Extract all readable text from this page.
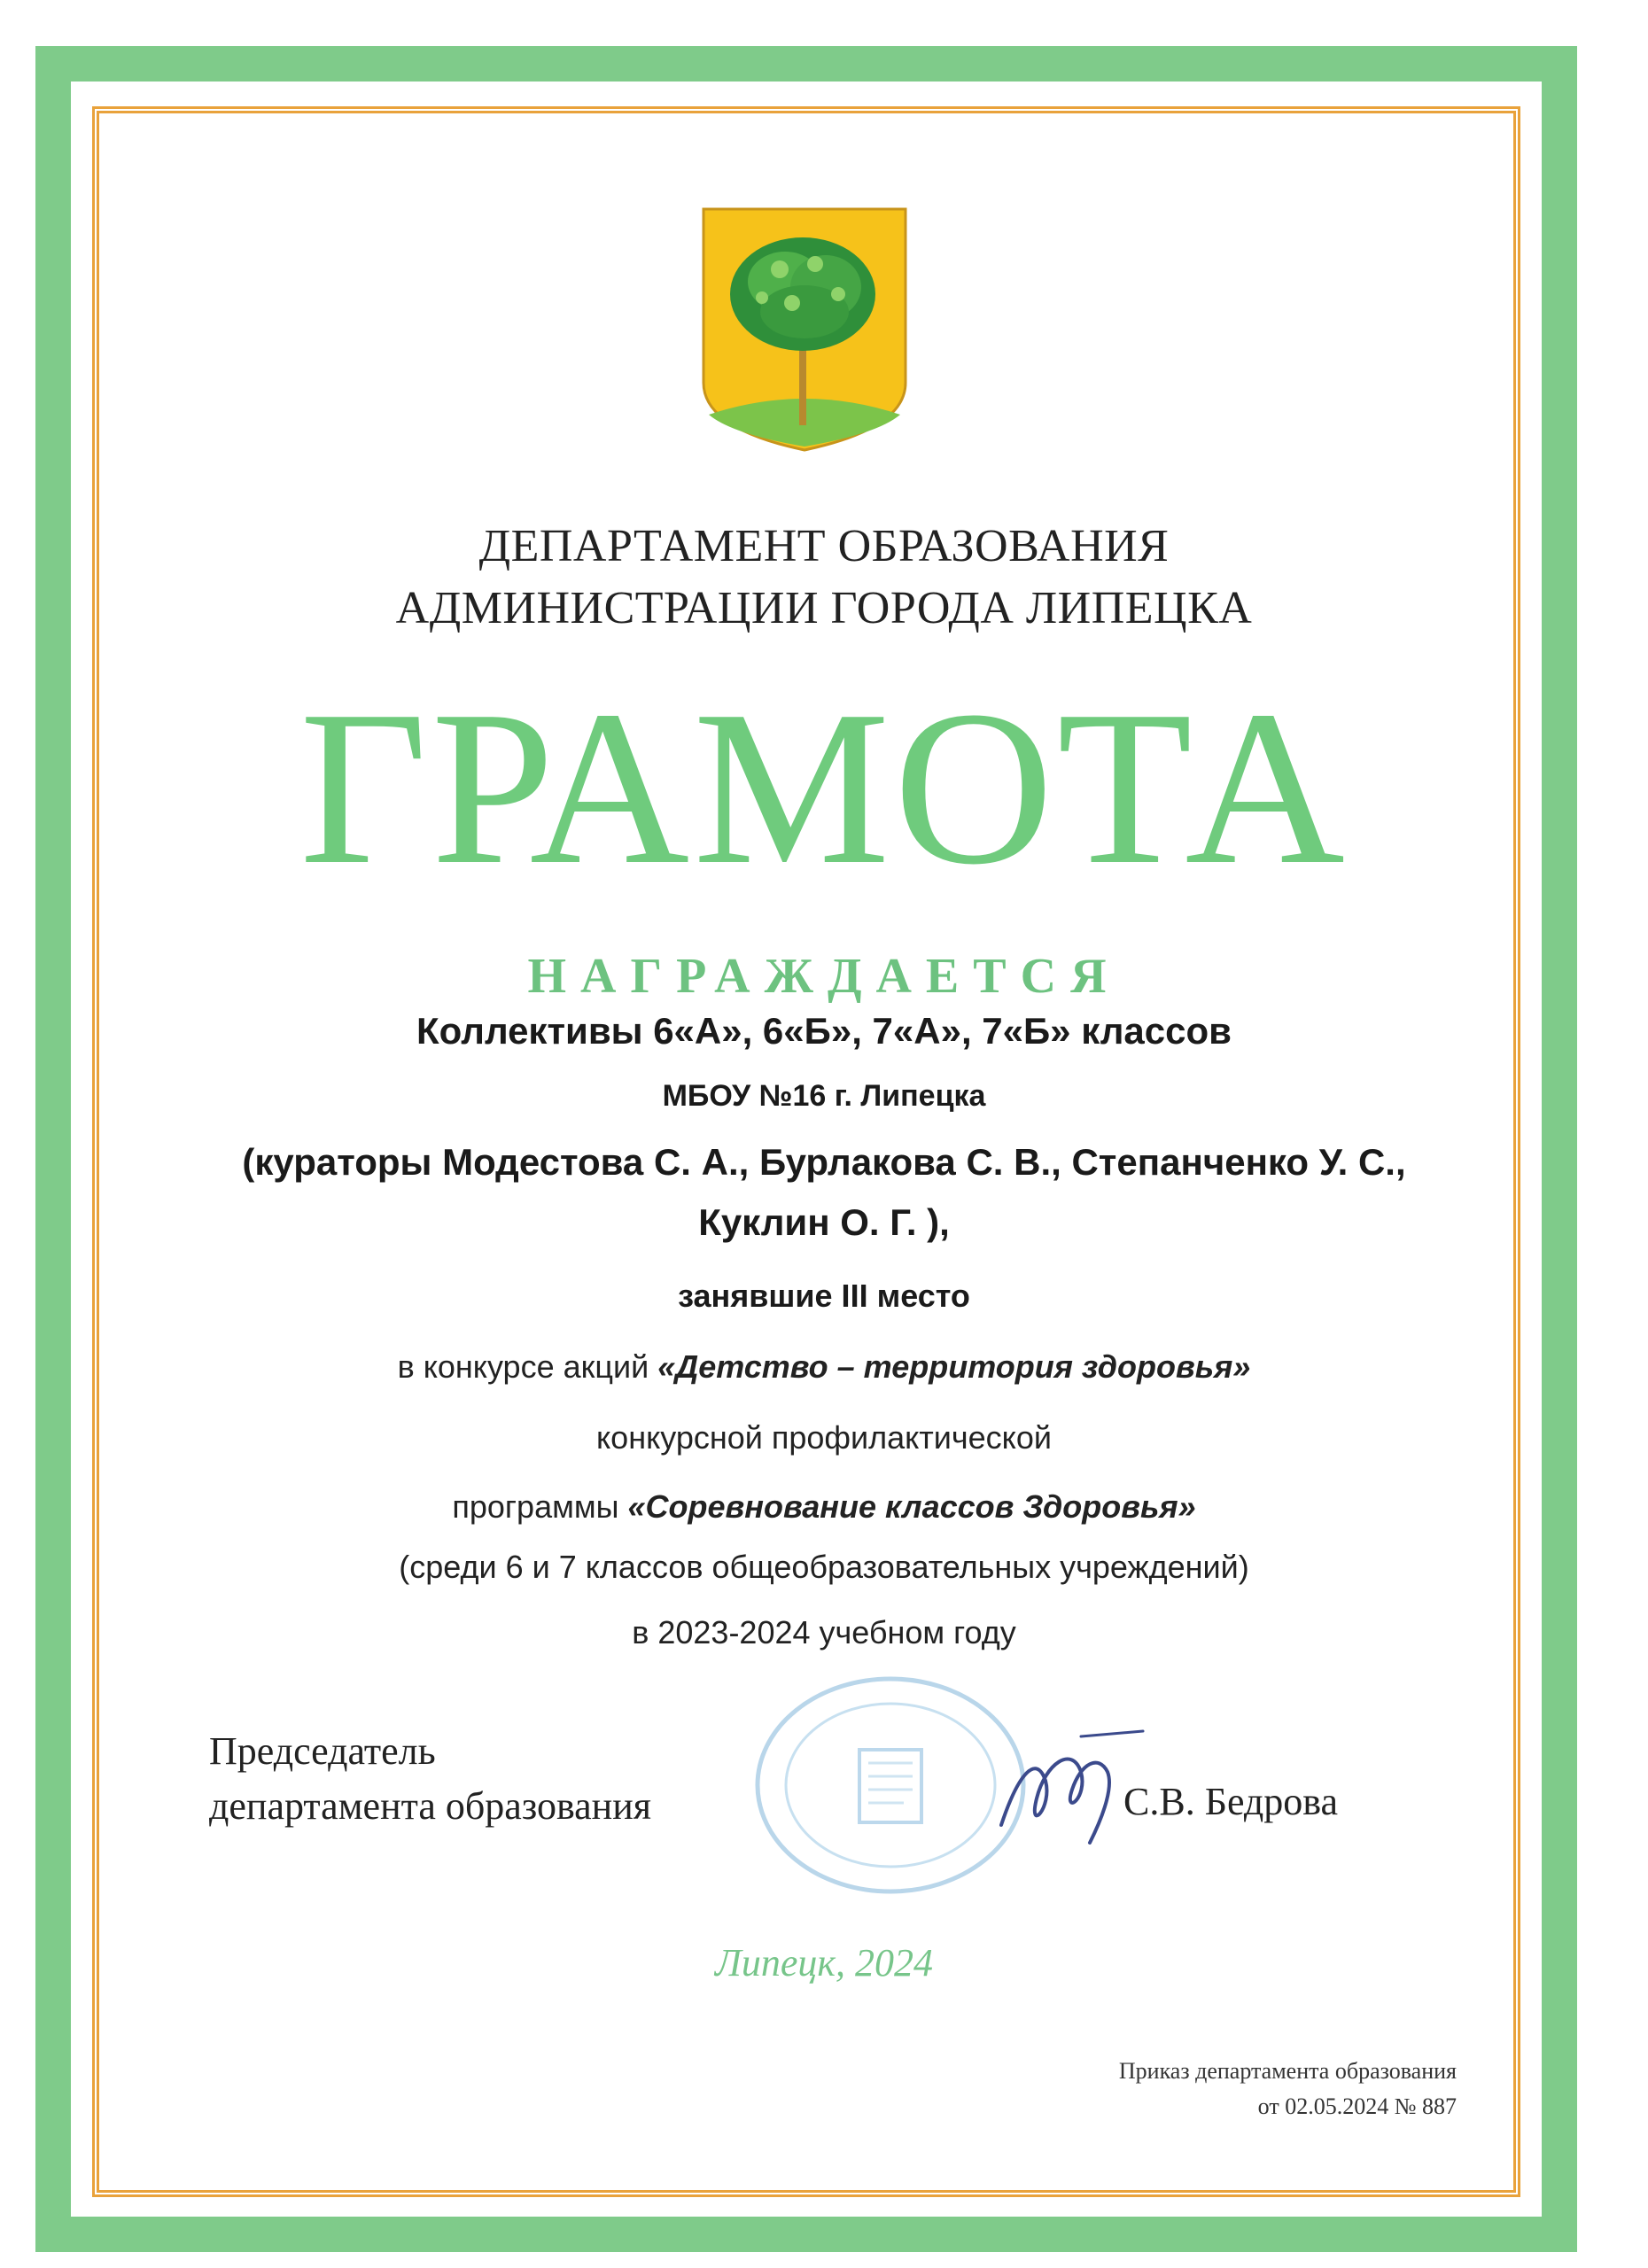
ДЕПАРТАМЕНТ ОБРАЗОВАНИЯ
АДМИНИСТРАЦИИ ГОРОДА ЛИПЕЦКА
ГРАМОТА
НАГРАЖДАЕТСЯ
Коллективы 6«А», 6«Б», 7«А», 7«Б» классов
МБОУ №16 г. Липецка
(кураторы Модестова С. А., Бурлакова С. В., Степанченко У. С.,
Куклин О. Г. ),
занявшие III место
в конкурсе акций «Детство – территория здоровья»
конкурсной профилактической
программы «Соревнование классов Здоровья»
(среди 6 и 7 классов общеобразовательных учреждений)
в 2023-2024 учебном году
Председатель
департамента образования	С.В. Бедрова
Липецк, 2024
Приказ департамента образования
от 02.05.2024 № 887
